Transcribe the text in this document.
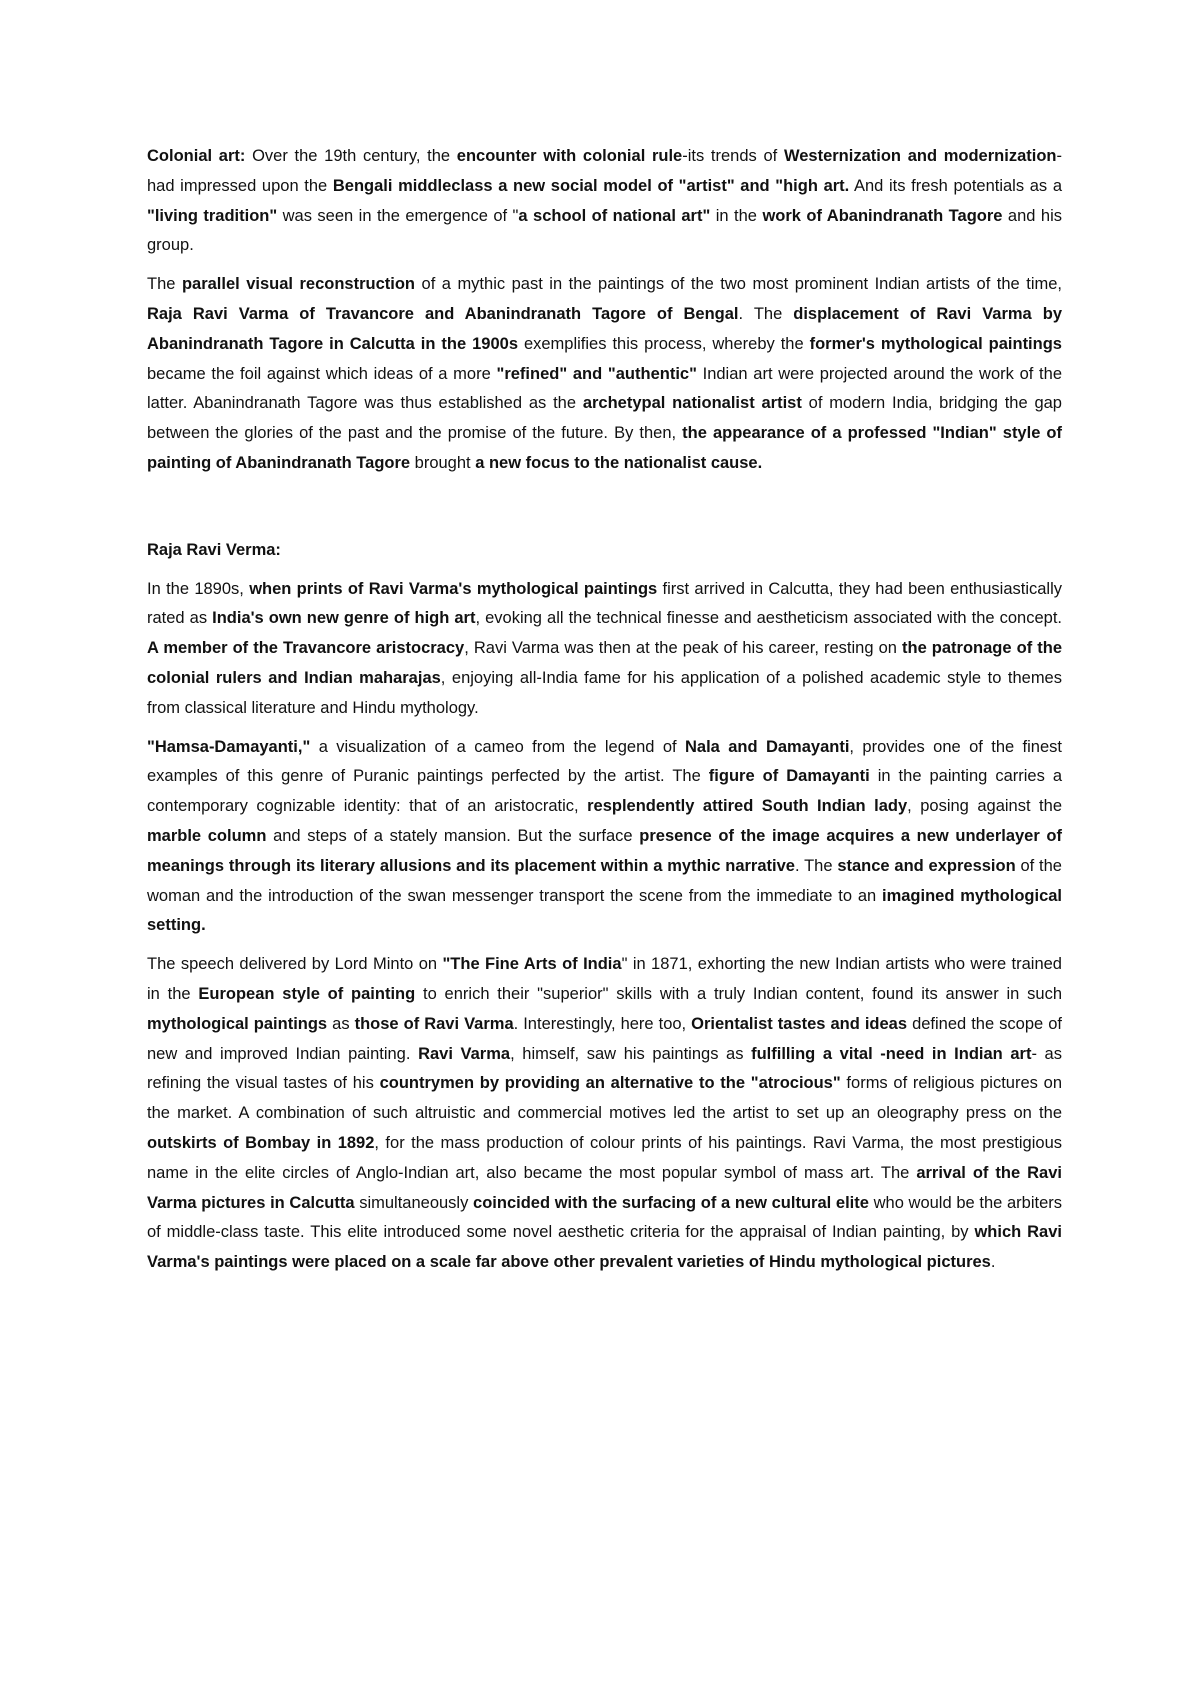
Colonial art: Over the 19th century, the encounter with colonial rule-its trends of Westernization and modernization- had impressed upon the Bengali middleclass a new social model of "artist" and "high art. And its fresh potentials as a "living tradition" was seen in the emergence of "a school of national art" in the work of Abanindranath Tagore and his group.

The parallel visual reconstruction of a mythic past in the paintings of the two most prominent Indian artists of the time, Raja Ravi Varma of Travancore and Abanindranath Tagore of Bengal. The displacement of Ravi Varma by Abanindranath Tagore in Calcutta in the 1900s exemplifies this process, whereby the former's mythological paintings became the foil against which ideas of a more "refined" and "authentic" Indian art were projected around the work of the latter. Abanindranath Tagore was thus established as the archetypal nationalist artist of modern India, bridging the gap between the glories of the past and the promise of the future. By then, the appearance of a professed "Indian" style of painting of Abanindranath Tagore brought a new focus to the nationalist cause.

Raja Ravi Verma:

In the 1890s, when prints of Ravi Varma's mythological paintings first arrived in Calcutta, they had been enthusiastically rated as India's own new genre of high art, evoking all the technical finesse and aestheticism associated with the concept. A member of the Travancore aristocracy, Ravi Varma was then at the peak of his career, resting on the patronage of the colonial rulers and Indian maharajas, enjoying all-India fame for his application of a polished academic style to themes from classical literature and Hindu mythology.

"Hamsa-Damayanti," a visualization of a cameo from the legend of Nala and Damayanti, provides one of the finest examples of this genre of Puranic paintings perfected by the artist. The figure of Damayanti in the painting carries a contemporary cognizable identity: that of an aristocratic, resplendently attired South Indian lady, posing against the marble column and steps of a stately mansion. But the surface presence of the image acquires a new underlayer of meanings through its literary allusions and its placement within a mythic narrative. The stance and expression of the woman and the introduction of the swan messenger transport the scene from the immediate to an imagined mythological setting.

The speech delivered by Lord Minto on "The Fine Arts of India" in 1871, exhorting the new Indian artists who were trained in the European style of painting to enrich their "superior" skills with a truly Indian content, found its answer in such mythological paintings as those of Ravi Varma. Interestingly, here too, Orientalist tastes and ideas defined the scope of new and improved Indian painting. Ravi Varma, himself, saw his paintings as fulfilling a vital -need in Indian art- as refining the visual tastes of his countrymen by providing an alternative to the "atrocious" forms of religious pictures on the market. A combination of such altruistic and commercial motives led the artist to set up an oleography press on the outskirts of Bombay in 1892, for the mass production of colour prints of his paintings. Ravi Varma, the most prestigious name in the elite circles of Anglo-Indian art, also became the most popular symbol of mass art. The arrival of the Ravi Varma pictures in Calcutta simultaneously coincided with the surfacing of a new cultural elite who would be the arbiters of middle-class taste. This elite introduced some novel aesthetic criteria for the appraisal of Indian painting, by which Ravi Varma's paintings were placed on a scale far above other prevalent varieties of Hindu mythological pictures.
